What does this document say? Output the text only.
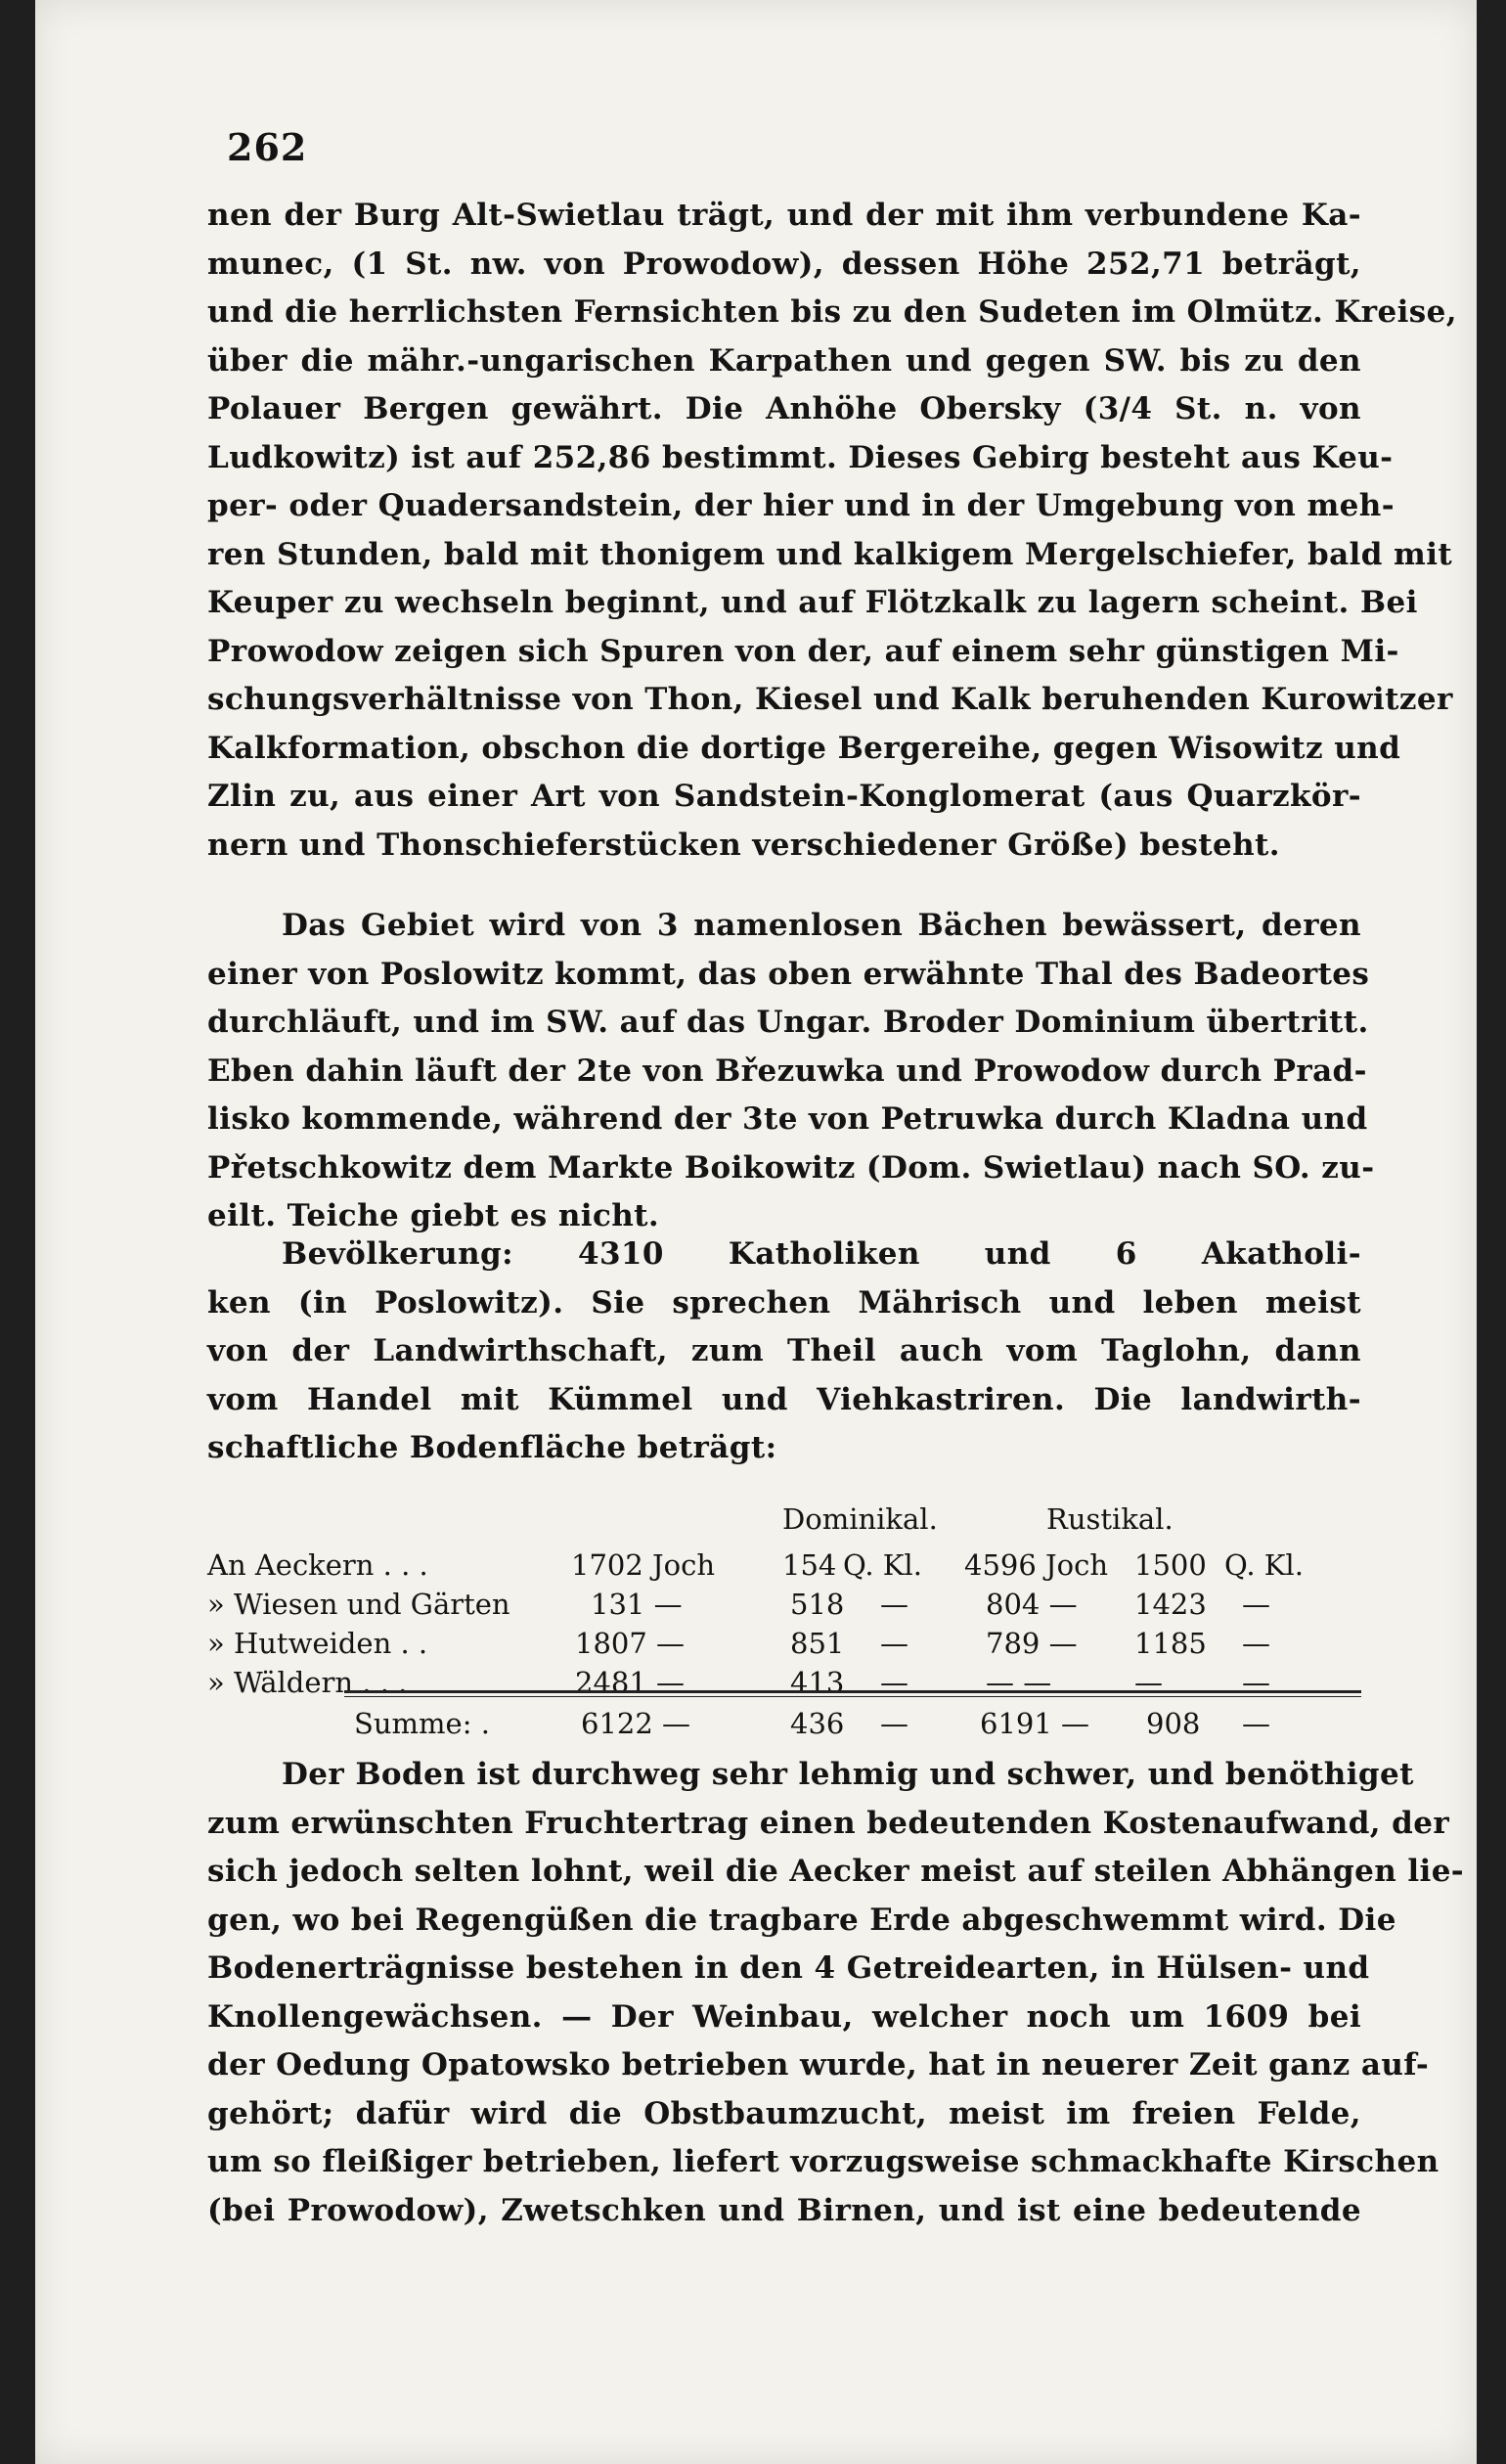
262
nen der Burg Alt-Swietlau trägt, und der mit ihm verbundene Ka-
munec, (1 St. nw. von Prowodow), dessen Höhe 252,71 beträgt,
und die herrlichsten Fernsichten bis zu den Sudeten im Olmütz. Kreise,
über die mähr.-ungarischen Karpathen und gegen SW. bis zu den
Polauer Bergen gewährt. Die Anhöhe Obersky (3/4 St. n. von
Ludkowitz) ist auf 252,86 bestimmt. Dieses Gebirg besteht aus Keu-
per- oder Quadersandstein, der hier und in der Umgebung von meh-
ren Stunden, bald mit thonigem und kalkigem Mergelschiefer, bald mit
Keuper zu wechseln beginnt, und auf Flötzkalk zu lagern scheint. Bei
Prowodow zeigen sich Spuren von der, auf einem sehr günstigen Mi-
schungsverhältnisse von Thon, Kiesel und Kalk beruhenden Kurowitzer
Kalkformation, obschon die dortige Bergereihe, gegen Wisowitz und
Zlin zu, aus einer Art von Sandstein-Konglomerat (aus Quarzkör-
nern und Thonschieferstücken verschiedener Größe) besteht.
Das Gebiet wird von 3 namenlosen Bächen bewässert, deren
einer von Poslowitz kommt, das oben erwähnte Thal des Badeortes
durchläuft, und im SW. auf das Ungar. Broder Dominium übertritt.
Eben dahin läuft der 2te von Březuwka und Prowodow durch Prad-
lisko kommende, während der 3te von Petruwka durch Kladna und
Přetschkowitz dem Markte Boikowitz (Dom. Swietlau) nach SO. zu-
eilt. Teiche giebt es nicht.
Bevölkerung: 4310 Katholiken und 6 Akatholi-
ken (in Poslowitz). Sie sprechen Mährisch und leben meist
von der Landwirthschaft, zum Theil auch vom Taglohn, dann
vom Handel mit Kümmel und Viehkastriren. Die landwirth-
schaftliche Bodenfläche beträgt:
Dominikal.	Rustikal.
An Aeckern . . .	1702 Joch 154 Q. Kl. 4596 Joch 1500 Q. Kl.
» Wiesen und Gärten	131 —	518 —	804 — 1423 —
» Hutweiden . .	1807 —	851 —	789 — 1185 —
» Wäldern . . .	2481 —	413 —	— —	—	—
Summe: .	6122 —	436 —	6191 — 908 —
Der Boden ist durchweg sehr lehmig und schwer, und benöthiget
zum erwünschten Fruchtertrag einen bedeutenden Kostenaufwand, der
sich jedoch selten lohnt, weil die Aecker meist auf steilen Abhängen lie-
gen, wo bei Regengüßen die tragbare Erde abgeschwemmt wird. Die
Bodenerträgnisse bestehen in den 4 Getreidearten, in Hülsen- und
Knollengewächsen. — Der Weinbau, welcher noch um 1609 bei
der Oedung Opatowsko betrieben wurde, hat in neuerer Zeit ganz auf-
gehört; dafür wird die Obstbaumzucht, meist im freien Felde,
um so fleißiger betrieben, liefert vorzugsweise schmackhafte Kirschen
(bei Prowodow), Zwetschken und Birnen, und ist eine bedeutende
